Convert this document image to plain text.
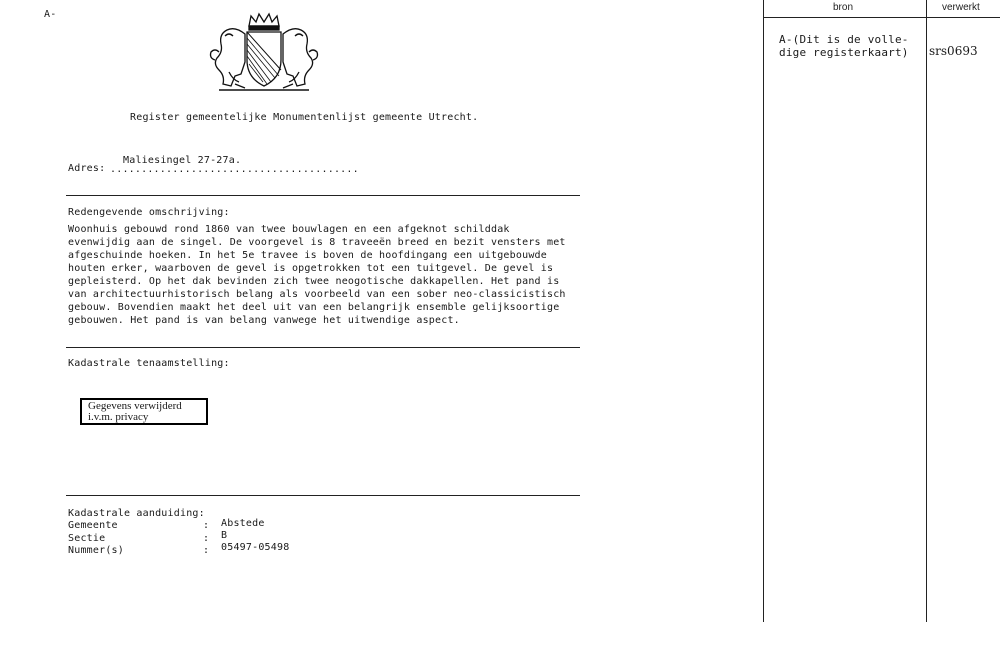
A-
Register gemeentelijke Monumentenlijst gemeente Utrecht.
Adres:
Maliesingel 27-27a.
........................................
Redengevende omschrijving:
Woonhuis gebouwd rond 1860 van twee bouwlagen en een afgeknot schilddak
evenwijdig aan de singel. De voorgevel is 8 traveeën breed en bezit vensters met
afgeschuinde hoeken. In het 5e travee is boven de hoofdingang een uitgebouwde
houten erker, waarboven de gevel is opgetrokken tot een tuitgevel. De gevel is
gepleisterd. Op het dak bevinden zich twee neogotische dakkapellen. Het pand is
van architectuurhistorisch belang als voorbeeld van een sober neo-classicistisch
gebouw. Bovendien maakt het deel uit van een belangrijk ensemble gelijksoortige
gebouwen. Het pand is van belang vanwege het uitwendige aspect.
Kadastrale tenaamstelling:
Gegevens verwijderd i.v.m. privacy
Kadastrale aanduiding:
Gemeente	: Abstede
Sectie	: B
Nummer(s)	: 05497-05498
bron	verwerkt
A-(Dit is de volle-
dige registerkaart) srs0693
